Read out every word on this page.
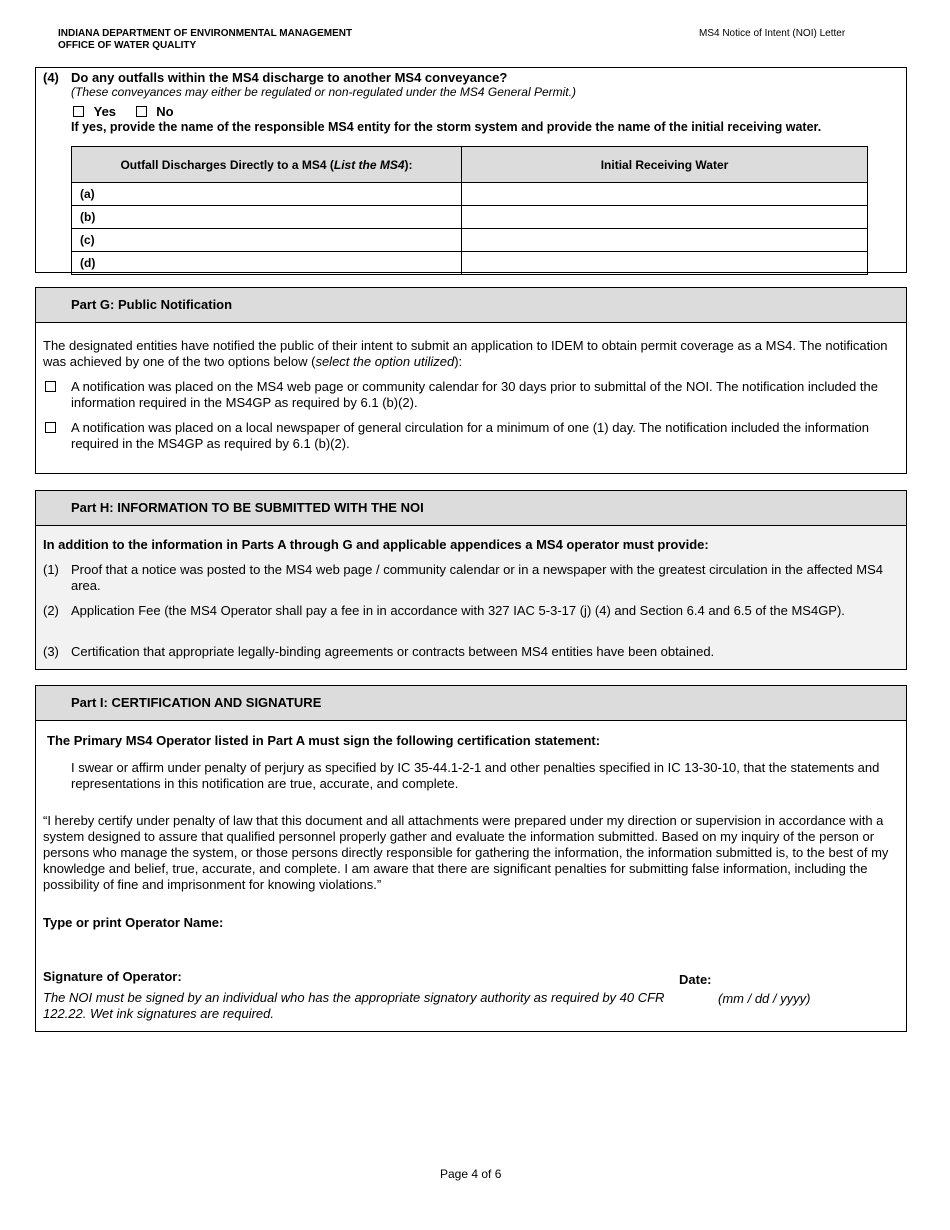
INDIANA DEPARTMENT OF ENVIRONMENTAL MANAGEMENT
OFFICE OF WATER QUALITY
MS4 Notice of Intent (NOI) Letter
(4) Do any outfalls within the MS4 discharge to another MS4 conveyance?
(These conveyances may either be regulated or non-regulated under the MS4 General Permit.)
Yes	No
If yes, provide the name of the responsible MS4 entity for the storm system and provide the name of the initial receiving water.
Outfall Discharges Directly to a MS4 (List the MS4):	Initial Receiving Water
(a)	
(b)	
(c)	
(d)	
Part G: Public Notification
The designated entities have notified the public of their intent to submit an application to IDEM to obtain permit coverage as a MS4. The notification was achieved by one of the two options below (select the option utilized):
A notification was placed on the MS4 web page or community calendar for 30 days prior to submittal of the NOI. The notification included the information required in the MS4GP as required by 6.1 (b)(2).
A notification was placed on a local newspaper of general circulation for a minimum of one (1) day. The notification included the information required in the MS4GP as required by 6.1 (b)(2).
Part H: INFORMATION TO BE SUBMITTED WITH THE NOI
In addition to the information in Parts A through G and applicable appendices a MS4 operator must provide:
(1) Proof that a notice was posted to the MS4 web page / community calendar or in a newspaper with the greatest circulation in the affected MS4 area.
(2) Application Fee (the MS4 Operator shall pay a fee in in accordance with 327 IAC 5-3-17 (j) (4) and Section 6.4 and 6.5 of the MS4GP).
(3) Certification that appropriate legally-binding agreements or contracts between MS4 entities have been obtained.
Part I: CERTIFICATION AND SIGNATURE
The Primary MS4 Operator listed in Part A must sign the following certification statement:
I swear or affirm under penalty of perjury as specified by IC 35-44.1-2-1 and other penalties specified in IC 13-30-10, that the statements and representations in this notification are true, accurate, and complete.
“I hereby certify under penalty of law that this document and all attachments were prepared under my direction or supervision in accordance with a system designed to assure that qualified personnel properly gather and evaluate the information submitted. Based on my inquiry of the person or persons who manage the system, or those persons directly responsible for gathering the information, the information submitted is, to the best of my knowledge and belief, true, accurate, and complete. I am aware that there are significant penalties for submitting false information, including the possibility of fine and imprisonment for knowing violations.”
Type or print Operator Name:
Signature of Operator:
The NOI must be signed by an individual who has the appropriate signatory authority as required by 40 CFR 122.22. Wet ink signatures are required.
Date:
(mm / dd / yyyy)
Page 4 of 6
